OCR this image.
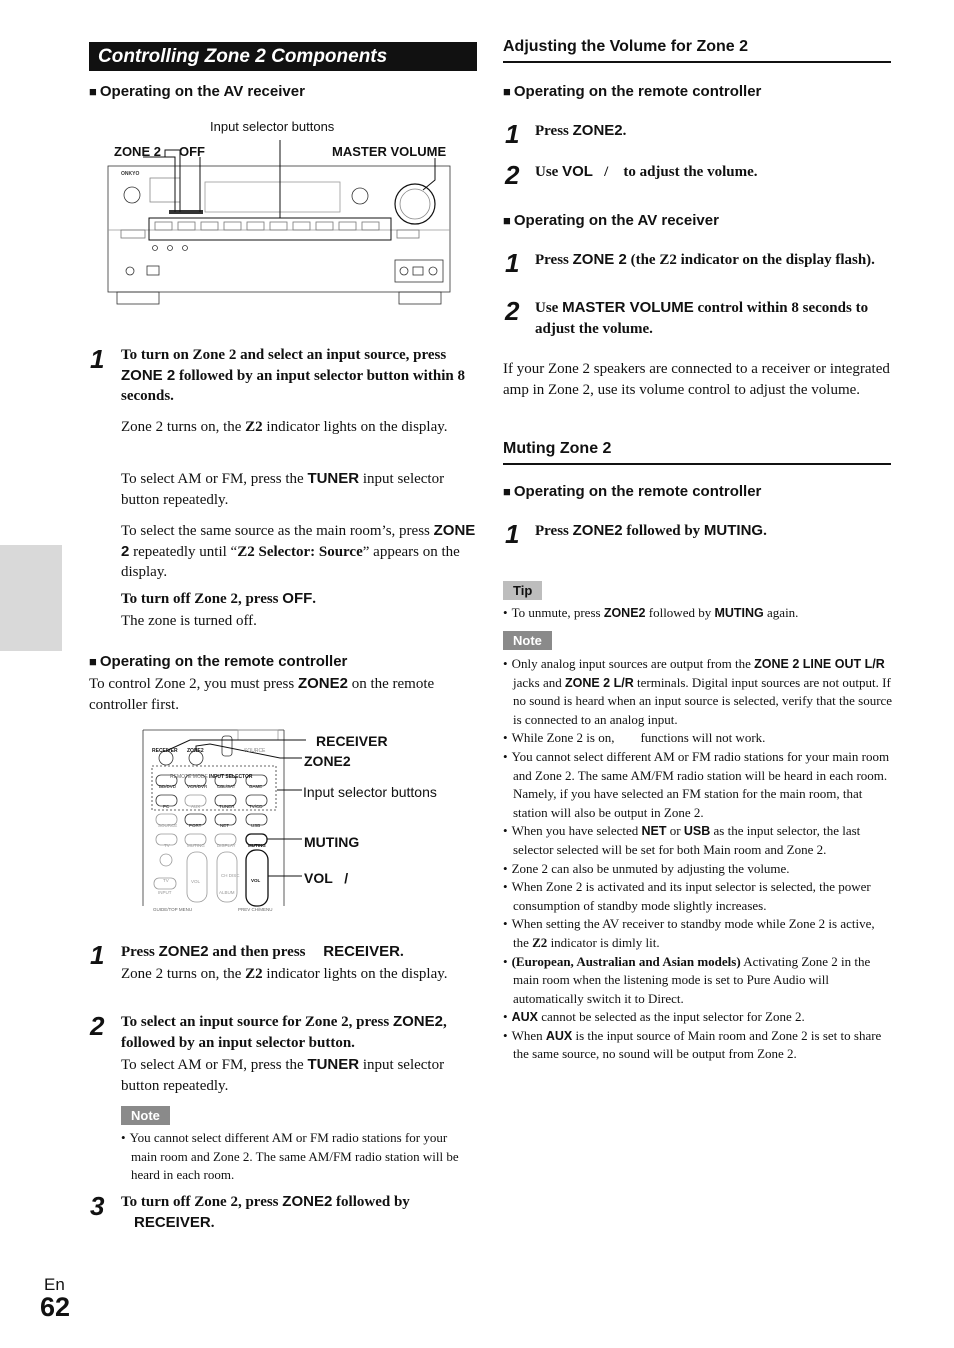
Controlling Zone 2 Components
■ Operating on the AV receiver
Input selector buttons
ZONE 2 OFF	MASTER VOLUME
ONKYO
1 To turn on Zone 2 and select an input source, press ZONE 2 followed by an input selector button within 8 seconds.
Zone 2 turns on, the Z2 indicator lights on the display.
To select AM or FM, press the TUNER input selector button repeatedly.
To select the same source as the main room’s, press ZONE 2 repeatedly until “Z2 Selector: Source” appears on the display.
To turn off Zone 2, press OFF.
The zone is turned off.
■ Operating on the remote controller
To control Zone 2, you must press ZONE2 on the remote controller first.
RECEIVER ZONE2	SOURCE
REMOTE MODE INPUT SELECTOR
BD/DVD VCR/DVR CBL/SAT	GAME
PC	AUX	TUNER	TV/CD
SOURCE	PORT	NET	USB
TV	MUTING	DISPLAY	MUTING
TV
INPUT
VOL
CH DISC
ALBUM
VOL
GUIDE/TOP MENU	PREV CH/MENU
RECEIVER
ZONE2
Input selector buttons
MUTING
VOL   /
1 Press ZONE2 and then press RECEIVER.
Zone 2 turns on, the Z2 indicator lights on the display.
2 To select an input source for Zone 2, press ZONE2, followed by an input selector button.
To select AM or FM, press the TUNER input selector button repeatedly.
Note
• You cannot select different AM or FM radio stations for your main room and Zone 2. The same AM/FM radio station will be heard in each room.
3 To turn off Zone 2, press ZONE2 followed by
RECEIVER.
Adjusting the Volume for Zone 2
■ Operating on the remote controller
1 Press ZONE2.
2 Use VOL   /    to adjust the volume.
■ Operating on the AV receiver
1 Press ZONE 2 (the Z2 indicator on the display flash).
2 Use MASTER VOLUME control within 8 seconds to adjust the volume.
If your Zone 2 speakers are connected to a receiver or integrated amp in Zone 2, use its volume control to adjust the volume.
Muting Zone 2
■ Operating on the remote controller
1 Press ZONE2 followed by MUTING.
Tip
• To unmute, press ZONE2 followed by MUTING again.
Note
• Only analog input sources are output from the ZONE 2 LINE OUT L/R jacks and ZONE 2 L/R terminals. Digital input sources are not output. If no sound is heard when an input source is selected, verify that the source is connected to an analog input.
• While Zone 2 is on,        functions will not work.
• You cannot select different AM or FM radio stations for your main room and Zone 2. The same AM/FM radio station will be heard in each room. Namely, if you have selected an FM station for the main room, that station will also be output in Zone 2.
• When you have selected NET or USB as the input selector, the last selector selected will be set for both Main room and Zone 2.
• Zone 2 can also be unmuted by adjusting the volume.
• When Zone 2 is activated and its input selector is selected, the power consumption of standby mode slightly increases.
• When setting the AV receiver to standby mode while Zone 2 is active, the Z2 indicator is dimly lit.
• (European, Australian and Asian models) Activating Zone 2 in the main room when the listening mode is set to Pure Audio will automatically switch it to Direct.
• AUX cannot be selected as the input selector for Zone 2.
• When AUX is the input source of Main room and Zone 2 is set to share the same source, no sound will be output from Zone 2.
En
62
